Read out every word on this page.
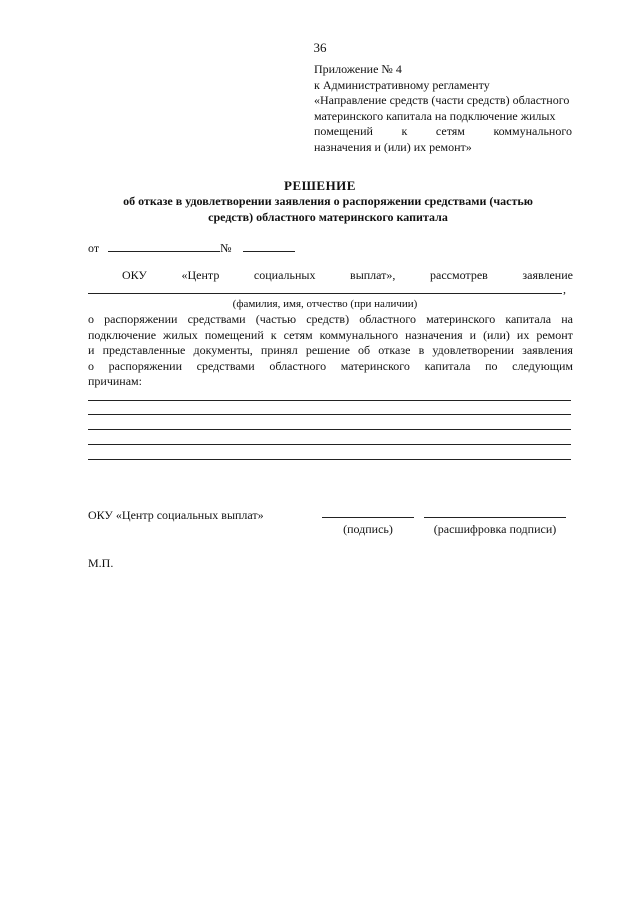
36
Приложение № 4
к Административному регламенту
«Направление средств (части средств) областного
материнского капитала на подключение жилых
помещений к сетям коммунального
назначения и (или) их ремонт»
РЕШЕНИЕ
об отказе в удовлетворении заявления о распоряжении средствами (частью
средств) областного материнского капитала
от	№
ОКУ	«Центр	социальных	выплат»,	рассмотрев	заявление
,
(фамилия, имя, отчество (при наличии)
о распоряжении средствами (частью средств) областного материнского капитала на
подключение жилых помещений к сетям коммунального назначения и (или) их ремонт
и представленные документы, принял решение об отказе в удовлетворении заявления
о распоряжении средствами областного материнского капитала по следующим
причинам:
ОКУ «Центр социальных выплат»
(подпись)	(расшифровка подписи)
М.П.
